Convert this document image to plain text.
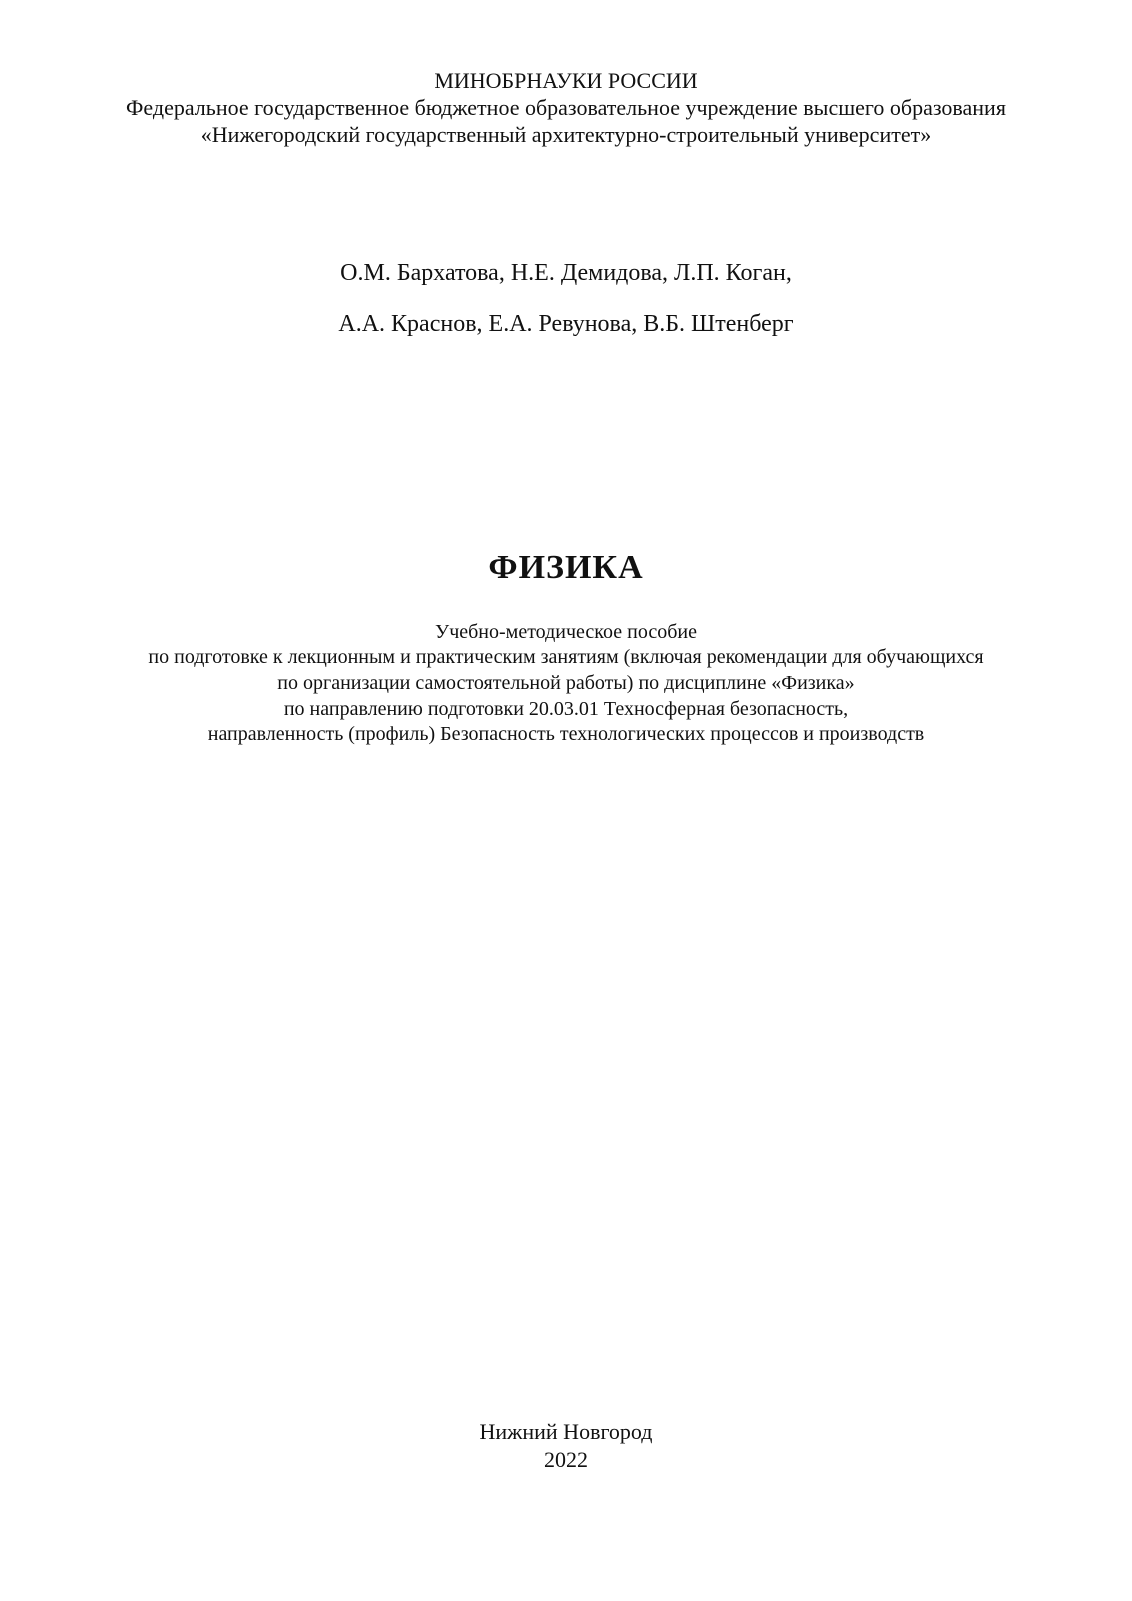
МИНОБРНАУКИ РОССИИ
Федеральное государственное бюджетное образовательное учреждение высшего образования
«Нижегородский государственный архитектурно-строительный университет»
О.М. Бархатова, Н.Е. Демидова, Л.П. Коган,
А.А. Краснов, Е.А. Ревунова, В.Б. Штенберг
ФИЗИКА
Учебно-методическое пособие
по подготовке к лекционным и практическим занятиям (включая рекомендации для обучающихся
по организации самостоятельной работы) по дисциплине «Физика»
по направлению подготовки 20.03.01 Техносферная безопасность,
направленность (профиль) Безопасность технологических процессов и производств
Нижний Новгород
2022
